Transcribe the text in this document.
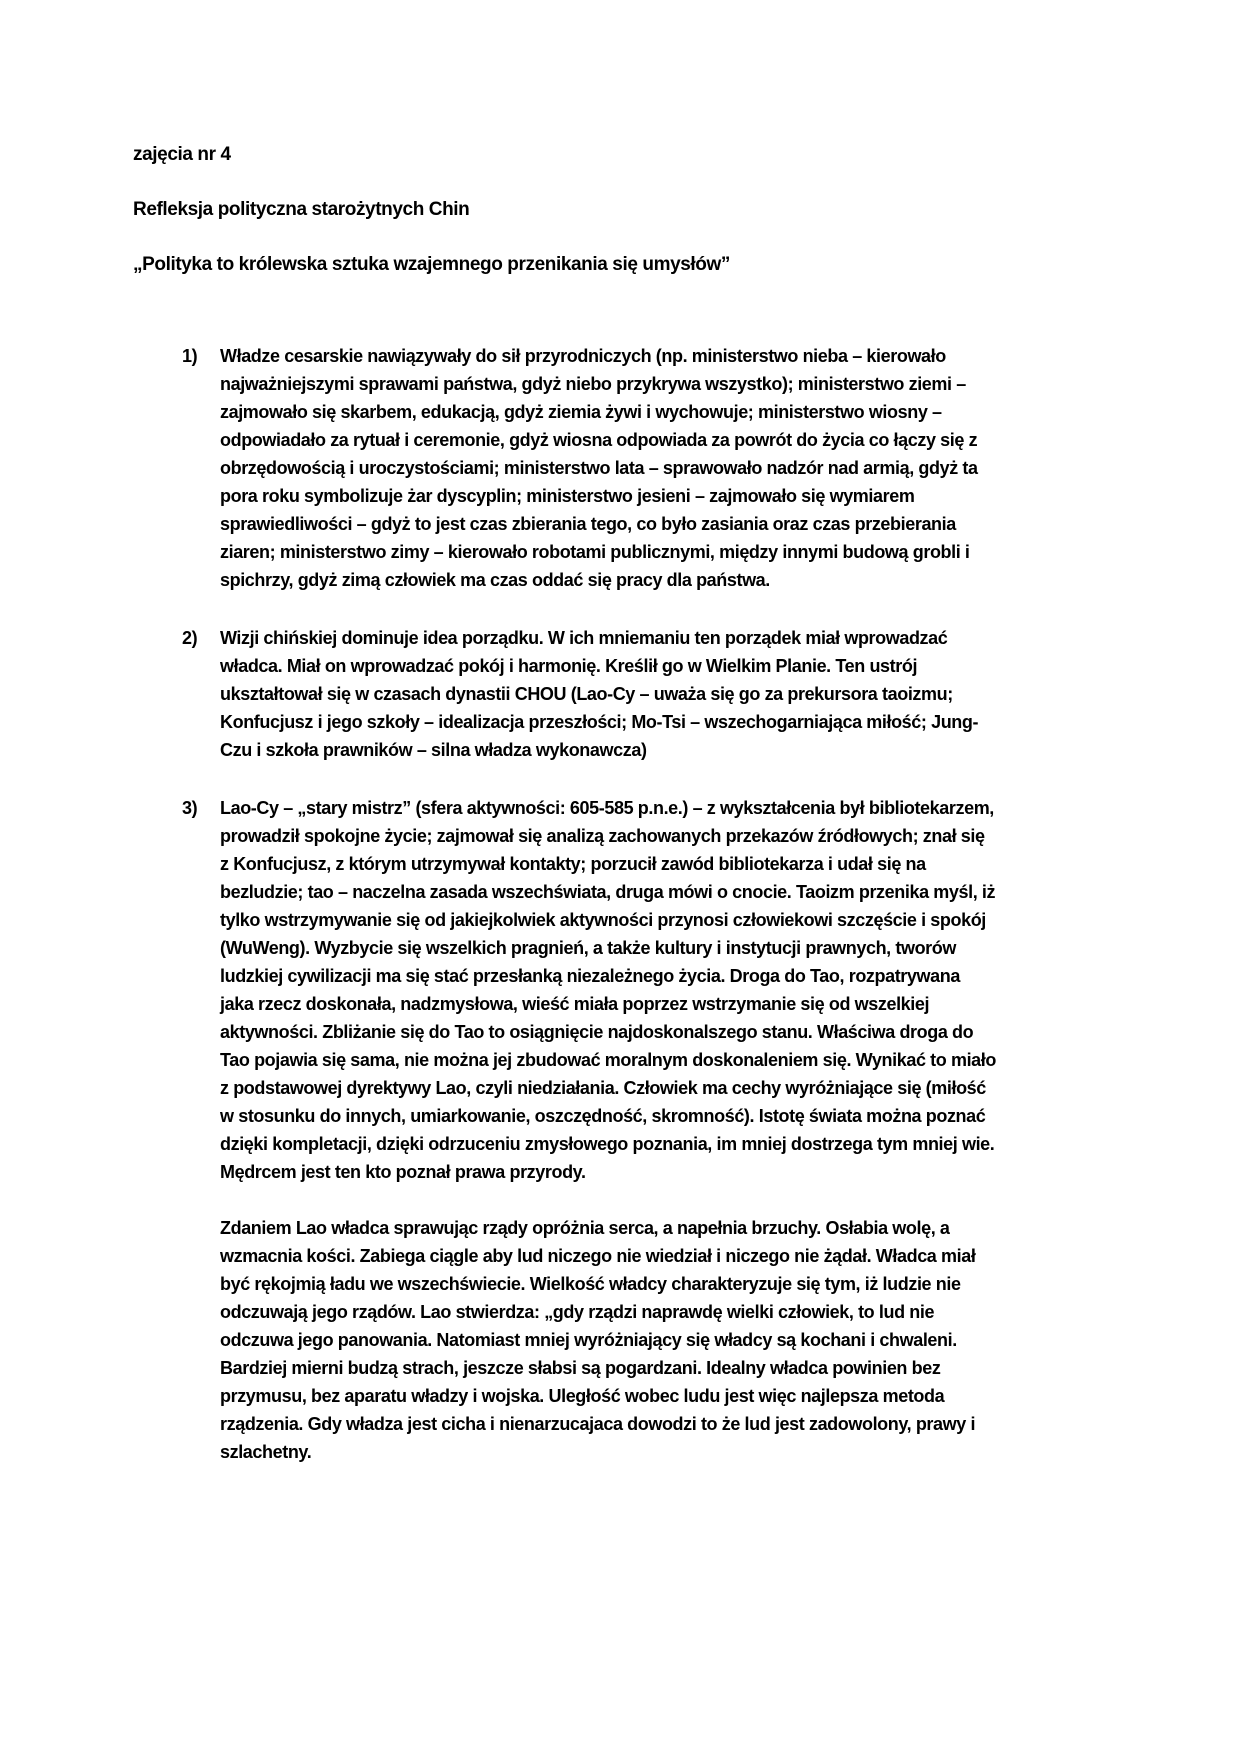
zajęcia nr 4

Refleksja polityczna starożytnych Chin

„Polityka to królewska sztuka wzajemnego przenikania się umysłów”

1)	Władze cesarskie nawiązywały do sił przyrodniczych (np. ministerstwo nieba – kierowało najważniejszymi sprawami państwa, gdyż niebo przykrywa wszystko); ministerstwo ziemi – zajmowało się skarbem, edukacją, gdyż ziemia żywi i wychowuje; ministerstwo wiosny – odpowiadało za rytuał i ceremonie, gdyż wiosna odpowiada za powrót do życia co łączy się z obrzędowością i uroczystościami; ministerstwo lata – sprawowało nadzór nad armią, gdyż ta pora roku symbolizuje żar dyscyplin; ministerstwo jesieni – zajmowało się wymiarem sprawiedliwości – gdyż to jest czas zbierania tego, co było zasiania oraz czas przebierania ziaren; ministerstwo zimy – kierowało robotami publicznymi, między innymi budową grobli i spichrzy, gdyż zimą człowiek ma czas oddać się pracy dla państwa.

2)	Wizji chińskiej dominuje idea porządku. W ich mniemaniu ten porządek miał wprowadzać władca. Miał on wprowadzać pokój i harmonię. Kreślił go w Wielkim Planie. Ten ustrój ukształtował się w czasach dynastii CHOU (Lao-Cy – uważa się go za prekursora taoizmu; Konfucjusz i jego szkoły – idealizacja przeszłości; Mo-Tsi – wszechogarniająca miłość; Jung-Czu i szkoła prawników – silna władza wykonawcza)

3)	Lao-Cy – „stary mistrz” (sfera aktywności: 605-585 p.n.e.) – z wykształcenia był bibliotekarzem, prowadził spokojne życie; zajmował się analizą zachowanych przekazów źródłowych; znał się z Konfucjusz, z którym utrzymywał kontakty; porzucił zawód bibliotekarza i udał się na bezludzie; tao – naczelna zasada wszechświata, druga mówi o cnocie. Taoizm przenika myśl, iż tylko wstrzymywanie się od jakiejkolwiek aktywności przynosi człowiekowi szczęście i spokój (WuWeng). Wyzbycie się wszelkich pragnień, a także kultury i instytucji prawnych, tworów ludzkiej cywilizacji ma się stać przesłanką niezależnego życia. Droga do Tao, rozpatrywana jaka rzecz doskonała, nadzmysłowa, wieść miała poprzez wstrzymanie się od wszelkiej aktywności. Zbliżanie się do Tao to osiągnięcie najdoskonalszego stanu. Właściwa droga do Tao pojawia się sama, nie można jej zbudować moralnym doskonaleniem się. Wynikać to miało z podstawowej dyrektywy Lao, czyli niedziałania. Człowiek ma cechy wyróżniające się (miłość w stosunku do innych, umiarkowanie, oszczędność, skromność). Istotę świata można poznać dzięki kompletacji, dzięki odrzuceniu zmysłowego poznania, im mniej dostrzega tym mniej wie. Mędrcem jest ten kto poznał prawa przyrody.

Zdaniem Lao władca sprawując rządy opróżnia serca, a napełnia brzuchy. Osłabia wolę, a wzmacnia kości. Zabiega ciągle aby lud niczego nie wiedział i niczego nie żądał. Władca miał być rękojmią ładu we wszechświecie. Wielkość władcy charakteryzuje się tym, iż ludzie nie odczuwają jego rządów. Lao stwierdza: „gdy rządzi naprawdę wielki człowiek, to lud nie odczuwa jego panowania. Natomiast mniej wyróżniający się władcy są kochani i chwaleni. Bardziej mierni budzą strach, jeszcze słabsi są pogardzani. Idealny władca powinien bez przymusu, bez aparatu władzy i wojska. Uległość wobec ludu jest więc najlepsza metoda rządzenia. Gdy władza jest cicha i nienarzucajaca dowodzi to że lud jest zadowolony, prawy i szlachetny.
